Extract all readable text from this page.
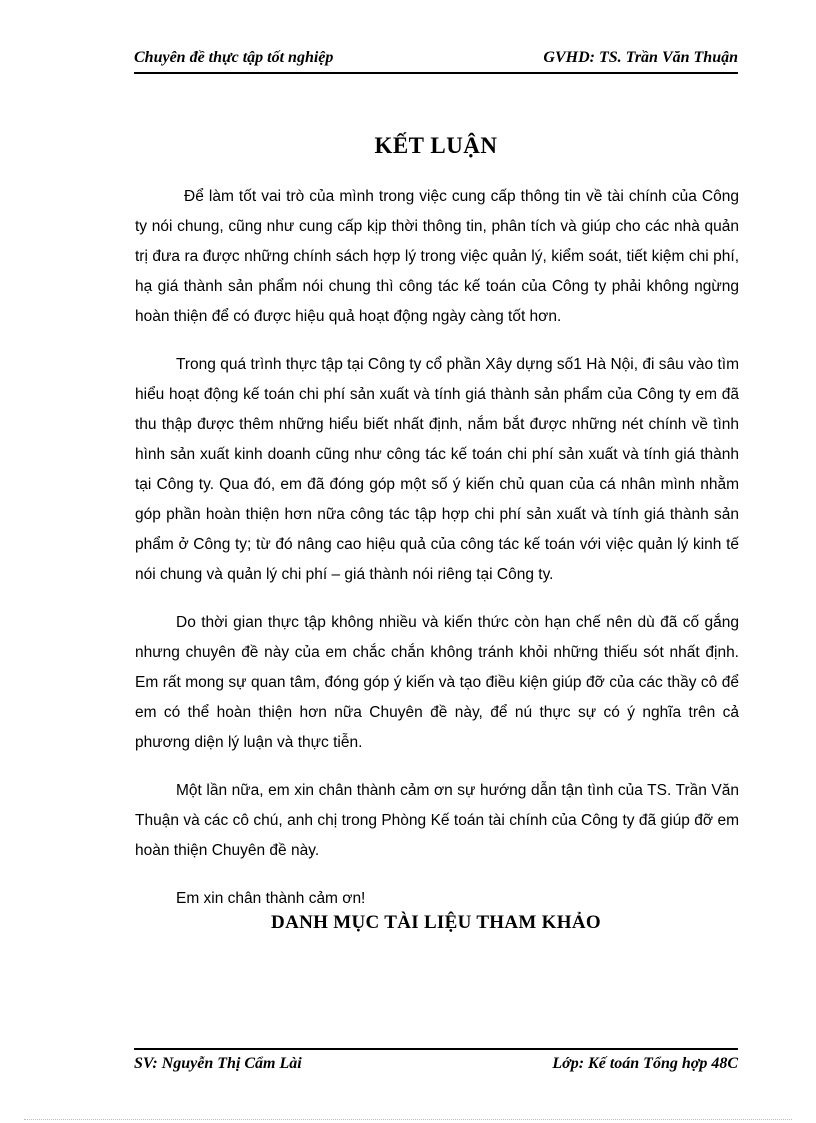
Chuyên đề thực tập tốt nghiệp	GVHD: TS. Trần Văn Thuận
KẾT LUẬN

Để làm tốt vai trò của mình trong việc cung cấp thông tin về tài chính của Công ty nói chung, cũng như cung cấp kịp thời thông tin, phân tích và giúp cho các nhà quản trị đưa ra được những chính sách hợp lý trong việc quản lý, kiểm soát, tiết kiệm chi phí, hạ giá thành sản phẩm nói chung thì công tác kế toán của Công ty phải không ngừng hoàn thiện để có được hiệu quả hoạt động ngày càng tốt hơn.

Trong quá trình thực tập tại Công ty cổ phần Xây dựng số1 Hà Nội, đi sâu vào tìm hiểu hoạt động kế toán chi phí sản xuất và tính giá thành sản phẩm của Công ty em đã thu thập được thêm những hiểu biết nhất định, nắm bắt được những nét chính về tình hình sản xuất kinh doanh cũng như công tác kế toán chi phí sản xuất và tính giá thành tại Công ty. Qua đó, em đã đóng góp một số ý kiến chủ quan của cá nhân mình nhằm góp phần hoàn thiện hơn nữa công tác tập hợp chi phí sản xuất và tính giá thành sản phẩm ở Công ty; từ đó nâng cao hiệu quả của công tác kế toán với việc quản lý kinh tế nói chung và quản lý chi phí – giá thành nói riêng tại Công ty.

Do thời gian thực tập không nhiều và kiến thức còn hạn chế nên dù đã cố gắng nhưng chuyên đề này của em chắc chắn không tránh khỏi những thiếu sót nhất định. Em rất mong sự quan tâm, đóng góp ý kiến và tạo điều kiện giúp đỡ của các thầy cô để em có thể hoàn thiện hơn nữa Chuyên đề này, để nú thực sự có ý nghĩa trên cả phương diện lý luận và thực tiễn.

Một lần nữa, em xin chân thành cảm ơn sự hướng dẫn tận tình của TS. Trần Văn Thuận và các cô chú, anh chị trong Phòng Kế toán tài chính của Công ty đã giúp đỡ em hoàn thiện Chuyên đề này.

Em xin chân thành cảm ơn!

DANH MỤC TÀI LIỆU THAM KHẢO
SV: Nguyễn Thị Cẩm Lài	Lớp: Kế toán Tổng hợp 48C
